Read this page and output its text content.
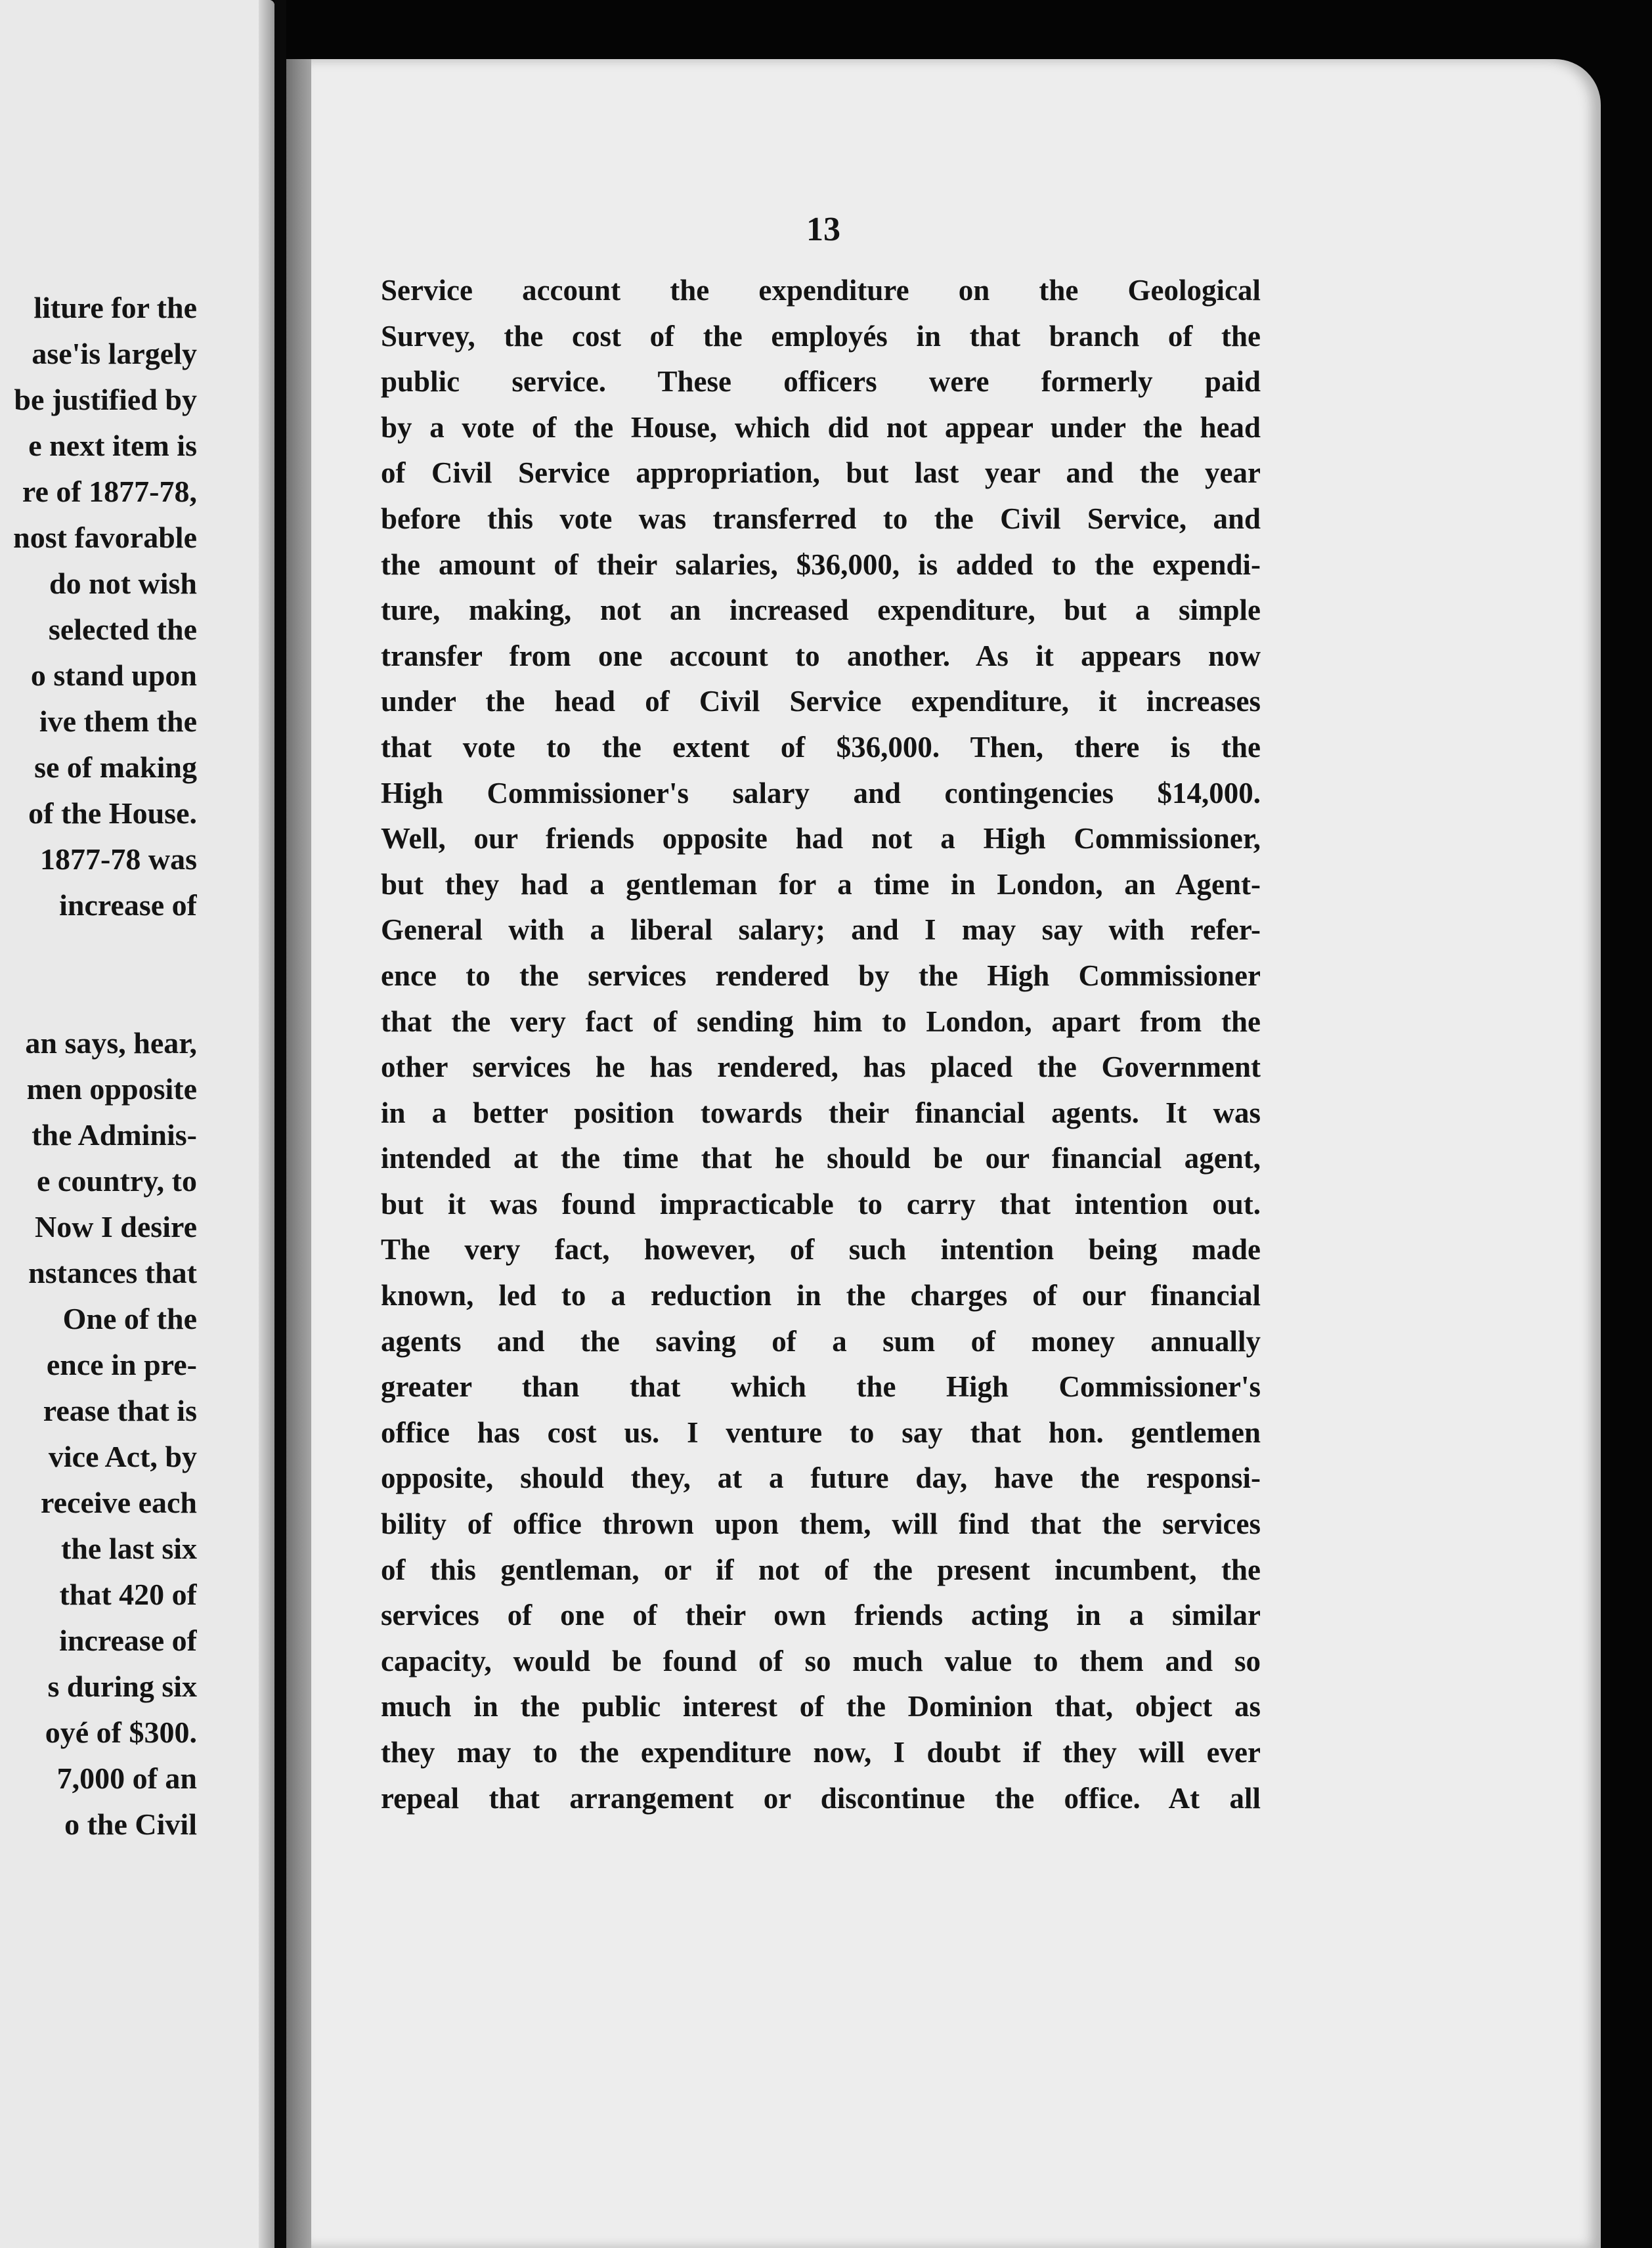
liture for the
ase'is largely
be justified by
e next item is
re of 1877-78,
nost favorable
do not wish
selected the
o stand upon
ive them the
se of making
of the House.
1877-78 was
increase of
an says, hear,
men opposite
the Adminis-
e country, to
Now I desire
nstances that
One of the
ence in pre-
rease that is
vice Act, by
receive each
the last six
that 420 of
increase of
s during six
oyé of $300.
7,000 of an
o the Civil
13
Service account the expenditure on the Geological
Survey, the cost of the employés in that branch of the
public service. These officers were formerly paid
by a vote of the House, which did not appear under the head
of Civil Service appropriation, but last year and the year
before this vote was transferred to the Civil Service, and
the amount of their salaries, $36,000, is added to the expendi-
ture, making, not an increased expenditure, but a simple
transfer from one account to another. As it appears now
under the head of Civil Service expenditure, it increases
that vote to the extent of $36,000. Then, there is the
High Commissioner's salary and contingencies $14,000.
Well, our friends opposite had not a High Commissioner,
but they had a gentleman for a time in London, an Agent-
General with a liberal salary; and I may say with refer-
ence to the services rendered by the High Commissioner
that the very fact of sending him to London, apart from the
other services he has rendered, has placed the Government
in a better position towards their financial agents. It was
intended at the time that he should be our financial agent,
but it was found impracticable to carry that intention out.
The very fact, however, of such intention being made
known, led to a reduction in the charges of our financial
agents and the saving of a sum of money annually
greater than that which the High Commissioner's
office has cost us. I venture to say that hon. gentlemen
opposite, should they, at a future day, have the responsi-
bility of office thrown upon them, will find that the services
of this gentleman, or if not of the present incumbent, the
services of one of their own friends acting in a similar
capacity, would be found of so much value to them and so
much in the public interest of the Dominion that, object as
they may to the expenditure now, I doubt if they will ever
repeal that arrangement or discontinue the office. At all
